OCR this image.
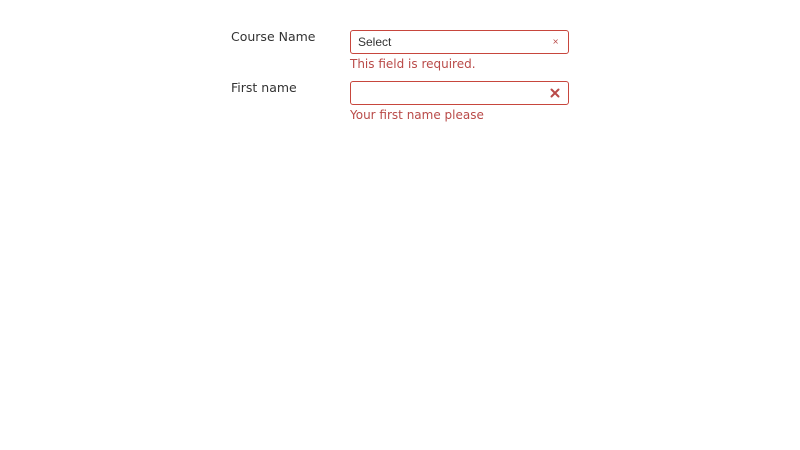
Course Name	Select	×
This field is required.
First name
Your first name please
